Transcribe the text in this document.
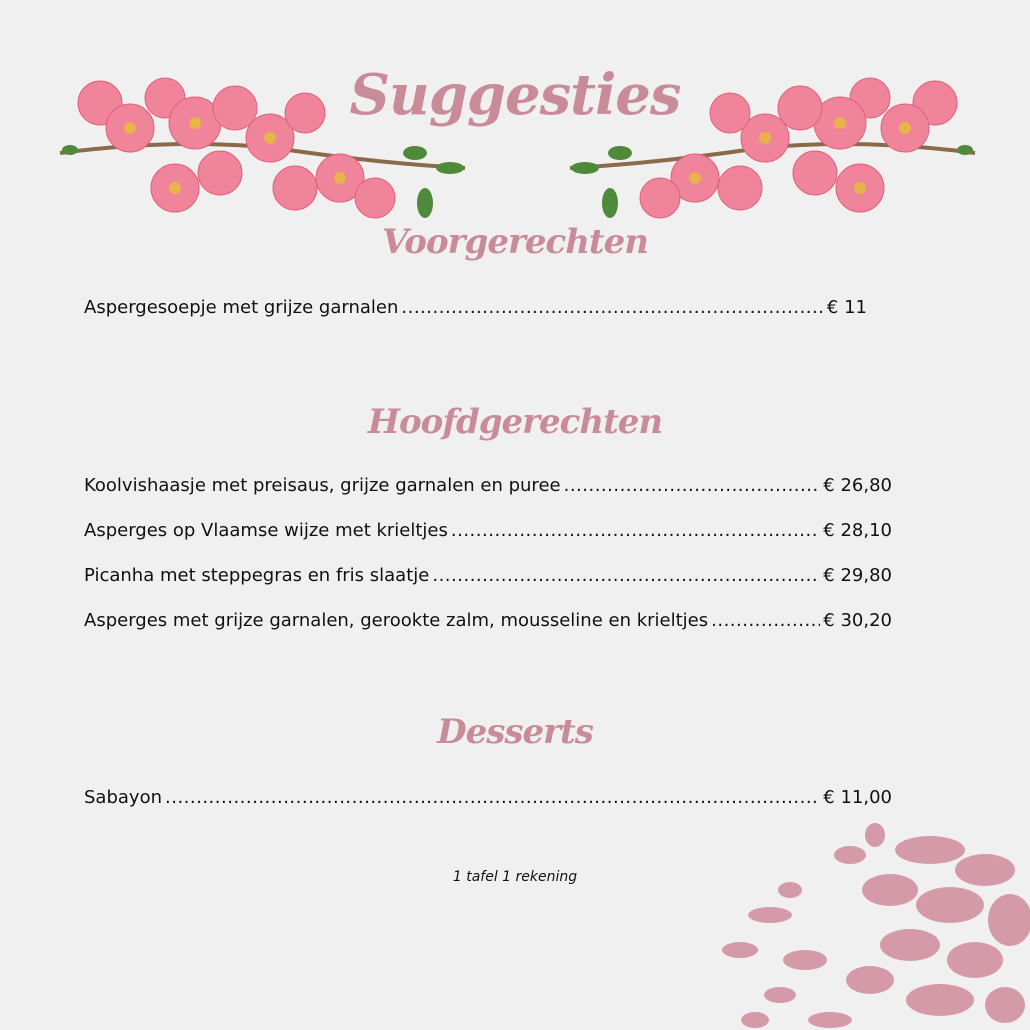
Suggesties
Voorgerechten
Aspergesoepje met grijze garnalen .....	€ 11
Hoofdgerechten
Koolvishaasje met preisaus, grijze garnalen en puree .....	€ 26,80
Asperges op Vlaamse wijze met krieltjes .....	€ 28,10
Picanha met steppegras en fris slaatje .....	€ 29,80
Asperges met grijze garnalen, gerookte zalm, mousseline en krieltjes .....	€ 30,20
Desserts
Sabayon .....	€ 11,00
1 tafel 1 rekening
